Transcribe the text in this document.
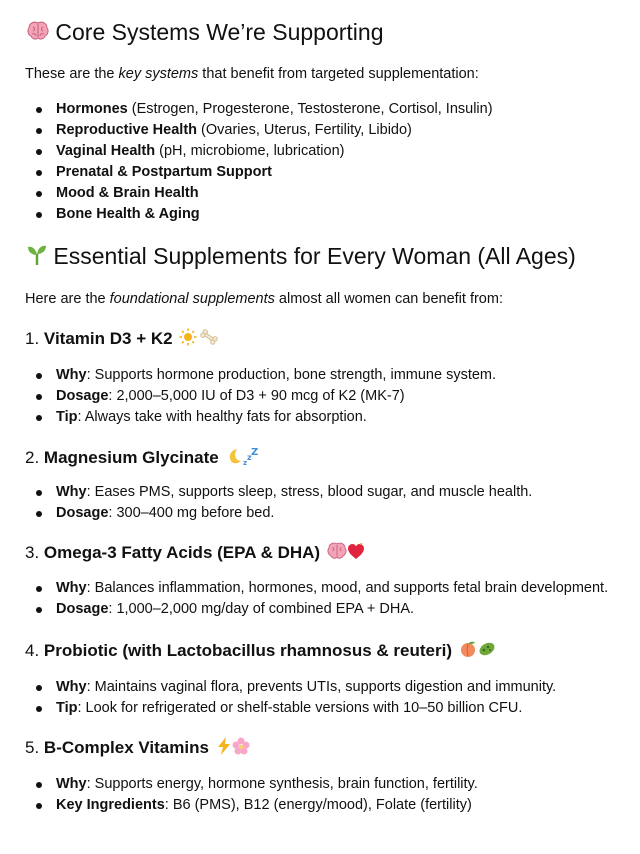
Core Systems We’re Supporting

These are the key systems that benefit from targeted supplementation:

Hormones (Estrogen, Progesterone, Testosterone, Cortisol, Insulin)
Reproductive Health (Ovaries, Uterus, Fertility, Libido)
Vaginal Health (pH, microbiome, lubrication)
Prenatal & Postpartum Support
Mood & Brain Health
Bone Health & Aging
Essential Supplements for Every Woman (All Ages)

Here are the foundational supplements almost all women can benefit from:

1. Vitamin D3 + K2
Why: Supports hormone production, bone strength, immune system.
Dosage: 2,000–5,000 IU of D3 + 90 mcg of K2 (MK-7)
Tip: Always take with healthy fats for absorption.
2. Magnesium Glycinate	z
z Z
Why: Eases PMS, supports sleep, stress, blood sugar, and muscle health.
Dosage: 300–400 mg before bed.
3. Omega-3 Fatty Acids (EPA & DHA)
Why: Balances inflammation, hormones, mood, and supports fetal brain development.
Dosage: 1,000–2,000 mg/day of combined EPA + DHA.
4. Probiotic (with Lactobacillus rhamnosus & reuteri)
Why: Maintains vaginal flora, prevents UTIs, supports digestion and immunity.
Tip: Look for refrigerated or shelf-stable versions with 10–50 billion CFU.
5. B-Complex Vitamins
Why: Supports energy, hormone synthesis, brain function, fertility.
Key Ingredients: B6 (PMS), B12 (energy/mood), Folate (fertility)
